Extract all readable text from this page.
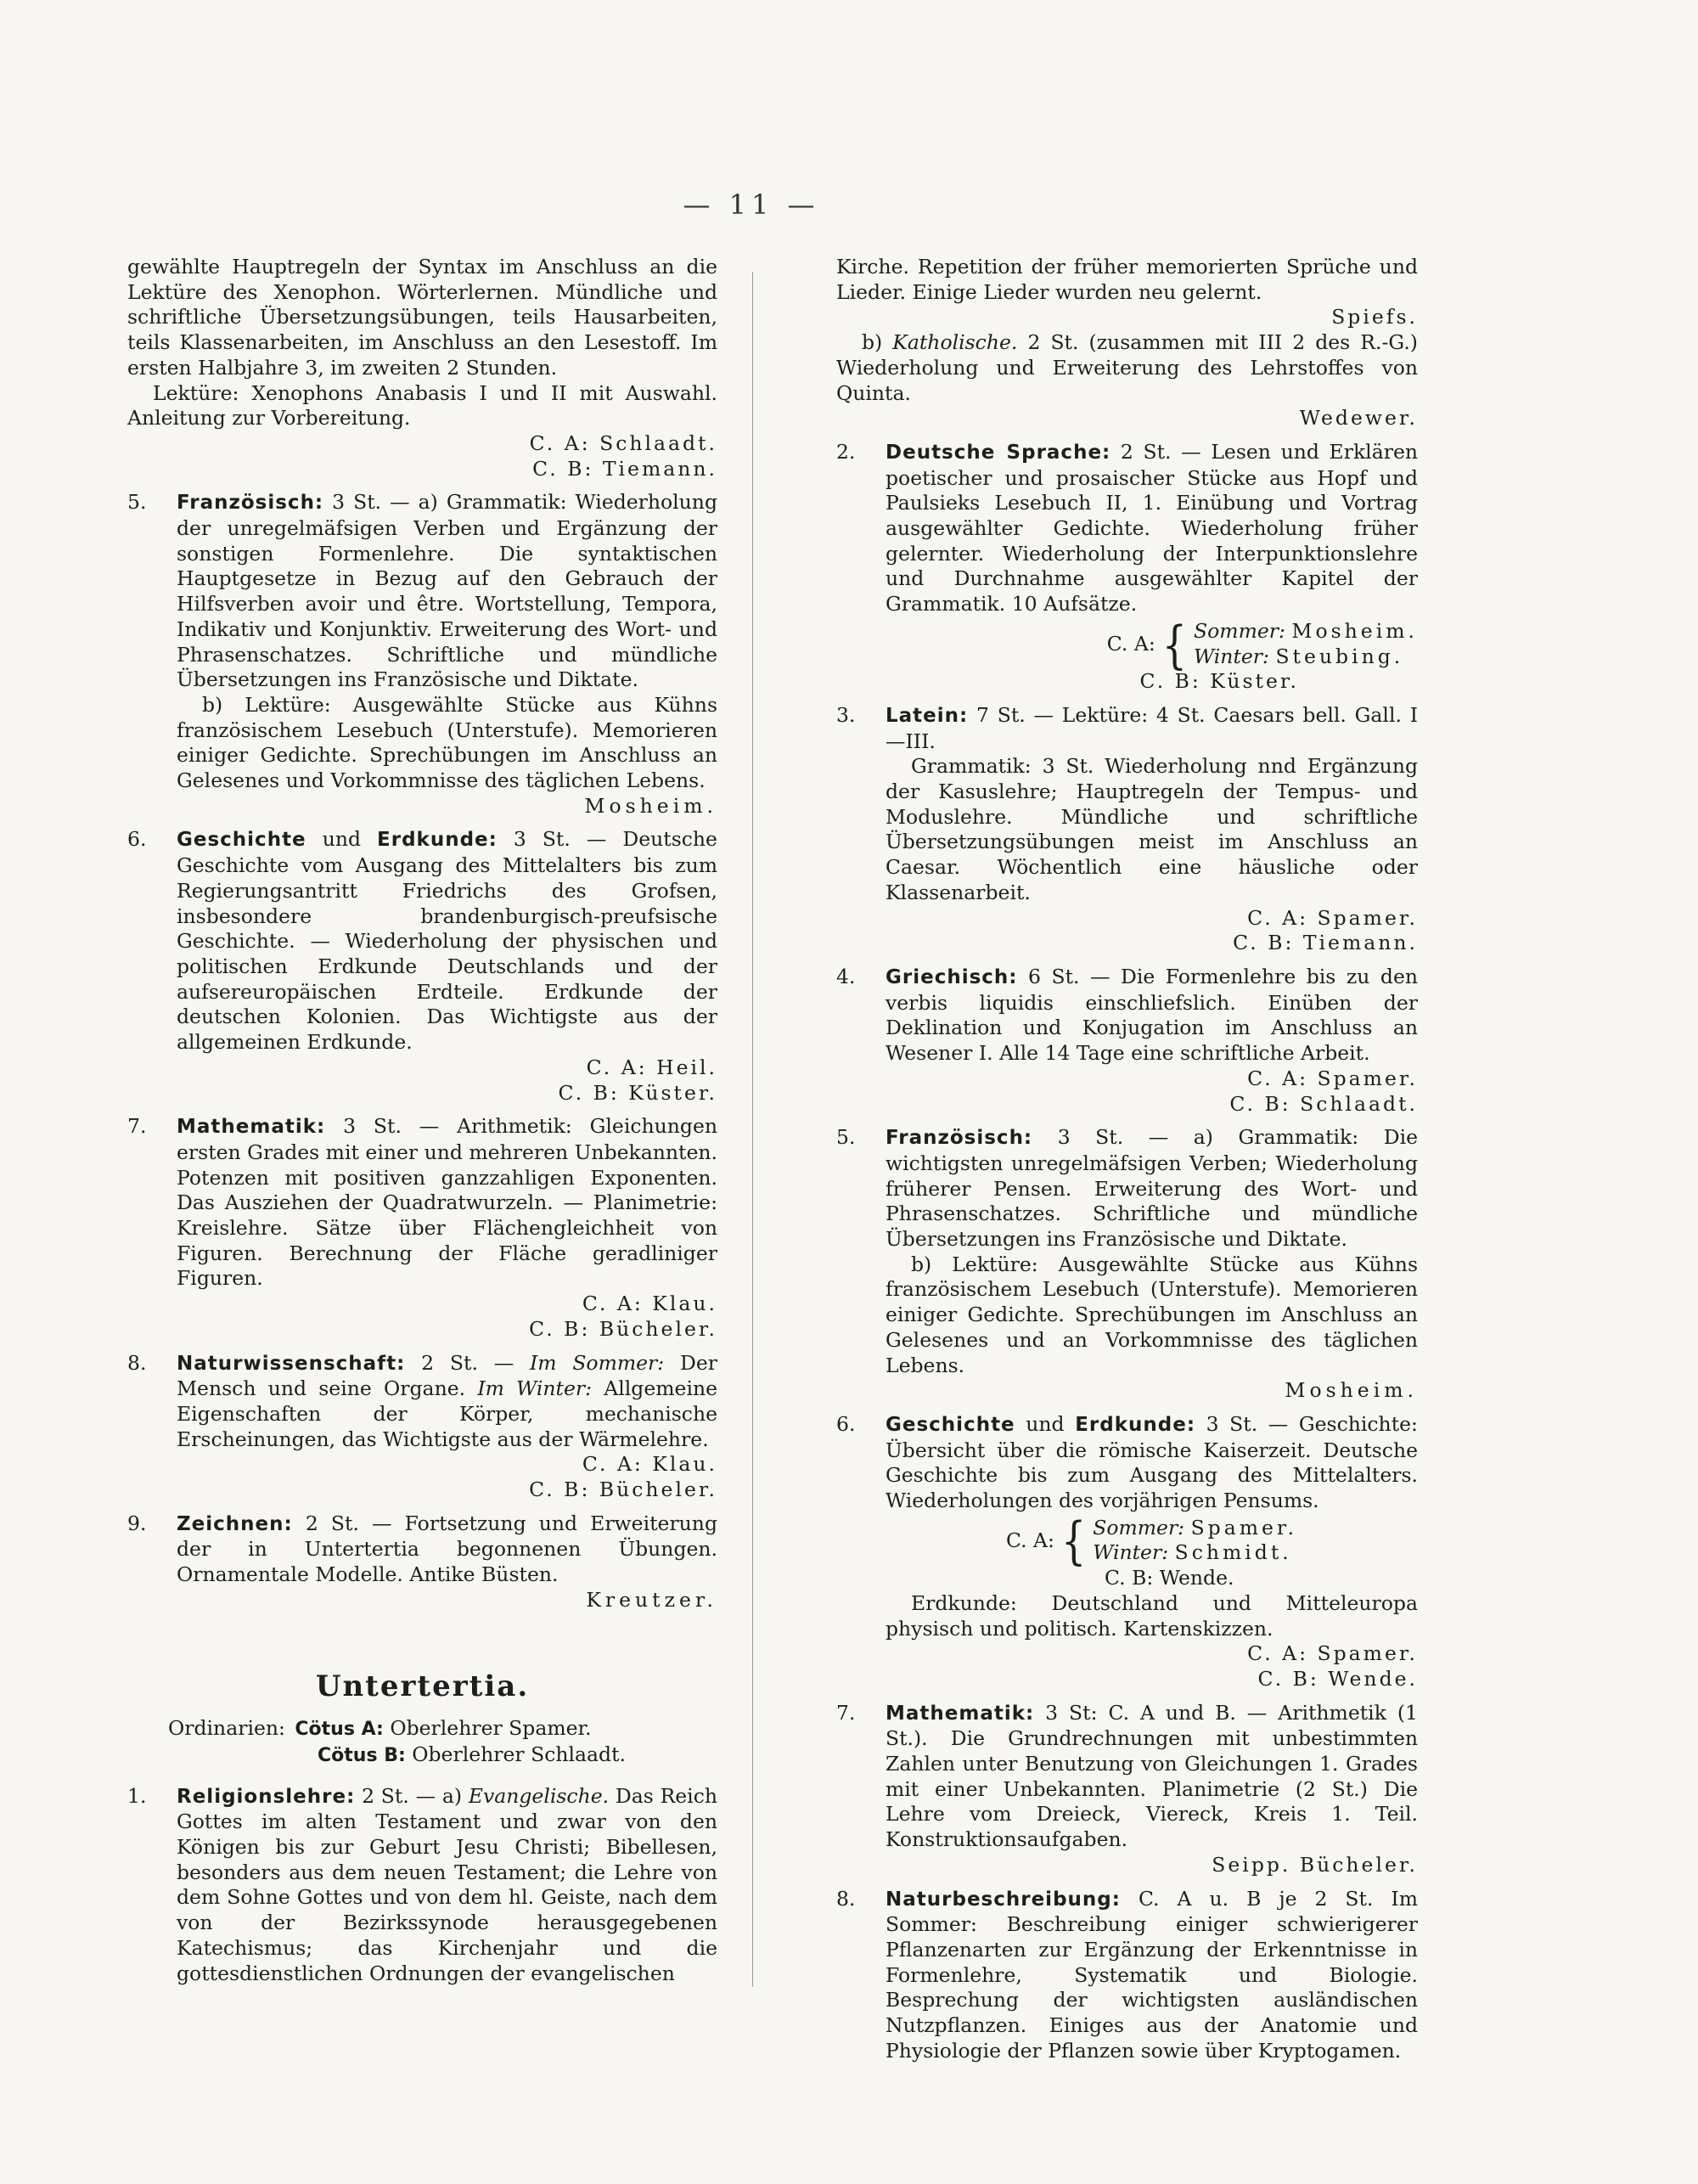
— 11 —

gewählte Hauptregeln der Syntax im Anschluss an die Lektüre des Xenophon. Wörterlernen. Mündliche und schriftliche Übersetzungsübungen, teils Hausarbeiten, teils Klassenarbeiten, im Anschluss an den Lesestoff. Im ersten Halbjahre 3, im zweiten 2 Stunden.

Lektüre: Xenophons Anabasis I und II mit Auswahl. Anleitung zur Vorbereitung.

C. A: Schlaadt.

C. B: Tiemann.

5. Französisch: 3 St. — a) Grammatik: Wiederholung der unregelmäfsigen Verben und Ergänzung der sonstigen Formenlehre. Die syntaktischen Hauptgesetze in Bezug auf den Gebrauch der Hilfsverben avoir und être. Wortstellung, Tempora, Indikativ und Konjunktiv. Erweiterung des Wort- und Phrasenschatzes. Schriftliche und mündliche Übersetzungen ins Französische und Diktate.

b) Lektüre: Ausgewählte Stücke aus Kühns französischem Lesebuch (Unterstufe). Memorieren einiger Gedichte. Sprechübungen im Anschluss an Gelesenes und Vorkommnisse des täglichen Lebens.

Mosheim.

6. Geschichte und Erdkunde: 3 St. — Deutsche Geschichte vom Ausgang des Mittelalters bis zum Regierungsantritt Friedrichs des Grofsen, insbesondere brandenburgisch-preufsische Geschichte. — Wiederholung der physischen und politischen Erdkunde Deutschlands und der aufsereuropäischen Erdteile. Erdkunde der deutschen Kolonien. Das Wichtigste aus der allgemeinen Erdkunde.

C. A: Heil.

C. B: Küster.

7. Mathematik: 3 St. — Arithmetik: Gleichungen ersten Grades mit einer und mehreren Unbekannten. Potenzen mit positiven ganzzahligen Exponenten. Das Ausziehen der Quadratwurzeln. — Planimetrie: Kreislehre. Sätze über Flächengleichheit von Figuren. Berechnung der Fläche geradliniger Figuren.

C. A: Klau.

C. B: Bücheler.

8. Naturwissenschaft: 2 St. — Im Sommer: Der Mensch und seine Organe. Im Winter: Allgemeine Eigenschaften der Körper, mechanische Erscheinungen, das Wichtigste aus der Wärmelehre.

C. A: Klau.

C. B: Bücheler.

9. Zeichnen: 2 St. — Fortsetzung und Erweiterung der in Untertertia begonnenen Übungen. Ornamentale Modelle. Antike Büsten.

Kreutzer.

Untertertia.
Ordinarien: Cötus A: Oberlehrer Spamer.
Cötus B: Oberlehrer Schlaadt.
1. Religionslehre: 2 St. — a) Evangelische. Das Reich Gottes im alten Testament und zwar von den Königen bis zur Geburt Jesu Christi; Bibellesen, besonders aus dem neuen Testament; die Lehre von dem Sohne Gottes und von dem hl. Geiste, nach dem von der Bezirkssynode herausgegebenen Katechismus; das Kirchenjahr und die gottesdienstlichen Ordnungen der evangelischen

Kirche. Repetition der früher memorierten Sprüche und Lieder. Einige Lieder wurden neu gelernt.

Spiefs.

b) Katholische. 2 St. (zusammen mit III 2 des R.-G.) Wiederholung und Erweiterung des Lehrstoffes von Quinta.

Wedewer.

2. Deutsche Sprache: 2 St. — Lesen und Erklären poetischer und prosaischer Stücke aus Hopf und Paulsieks Lesebuch II, 1. Einübung und Vortrag ausgewählter Gedichte. Wiederholung früher gelernter. Wiederholung der Interpunktionslehre und Durchnahme ausgewählter Kapitel der Grammatik. 10 Aufsätze.

C. A: { Sommer: Mosheim.
Winter: Steubing.

C. B: Küster.

3. Latein: 7 St. — Lektüre: 4 St. Caesars bell. Gall. I—III.

Grammatik: 3 St. Wiederholung nnd Ergänzung der Kasuslehre; Hauptregeln der Tempus- und Moduslehre. Mündliche und schriftliche Übersetzungsübungen meist im Anschluss an Caesar. Wöchentlich eine häusliche oder Klassenarbeit.

C. A: Spamer.

C. B: Tiemann.

4. Griechisch: 6 St. — Die Formenlehre bis zu den verbis liquidis einschliefslich. Einüben der Deklination und Konjugation im Anschluss an Wesener I. Alle 14 Tage eine schriftliche Arbeit.

C. A: Spamer.

C. B: Schlaadt.

5. Französisch: 3 St. — a) Grammatik: Die wichtigsten unregelmäfsigen Verben; Wiederholung früherer Pensen. Erweiterung des Wort- und Phrasenschatzes. Schriftliche und mündliche Übersetzungen ins Französische und Diktate.

b) Lektüre: Ausgewählte Stücke aus Kühns französischem Lesebuch (Unterstufe). Memorieren einiger Gedichte. Sprechübungen im Anschluss an Gelesenes und an Vorkommnisse des täglichen Lebens.

Mosheim.

6. Geschichte und Erdkunde: 3 St. — Geschichte: Übersicht über die römische Kaiserzeit. Deutsche Geschichte bis zum Ausgang des Mittelalters. Wiederholungen des vorjährigen Pensums.

C. A: { Sommer: Spamer.
Winter: Schmidt.

C. B: Wende.

Erdkunde: Deutschland und Mitteleuropa physisch und politisch. Kartenskizzen.

C. A: Spamer.

C. B: Wende.

7. Mathematik: 3 St: C. A und B. — Arithmetik (1 St.). Die Grundrechnungen mit unbestimmten Zahlen unter Benutzung von Gleichungen 1. Grades mit einer Unbekannten. Planimetrie (2 St.) Die Lehre vom Dreieck, Viereck, Kreis 1. Teil. Konstruktionsaufgaben.

Seipp. Bücheler.

8. Naturbeschreibung: C. A u. B je 2 St. Im Sommer: Beschreibung einiger schwierigerer Pflanzenarten zur Ergänzung der Erkenntnisse in Formenlehre, Systematik und Biologie. Besprechung der wichtigsten ausländischen Nutzpflanzen. Einiges aus der Anatomie und Physiologie der Pflanzen sowie über Kryptogamen.
